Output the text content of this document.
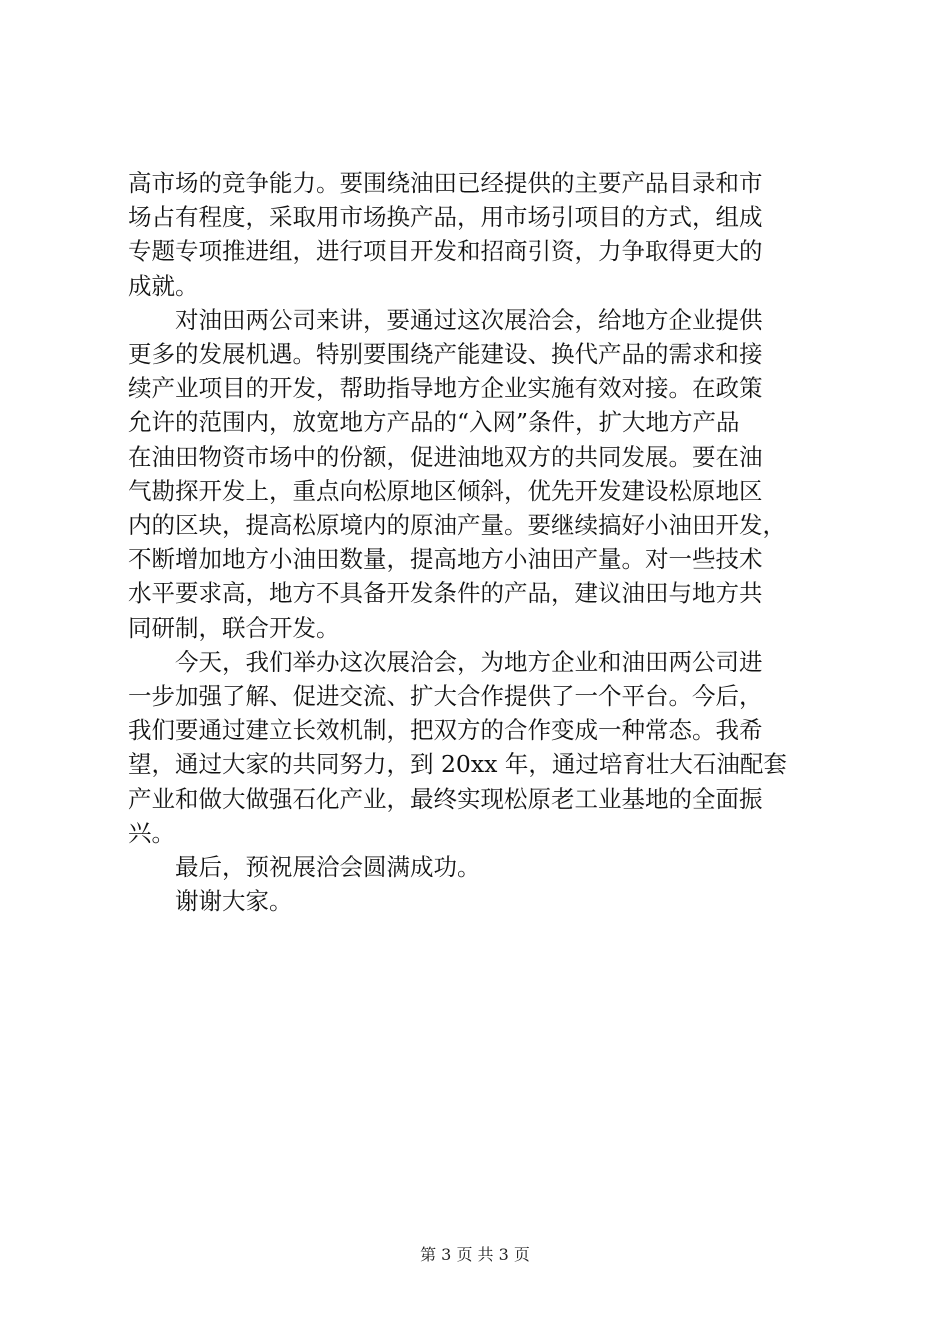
高市场的竞争能力。要围绕油田已经提供的主要产品目录和市
场占有程度，采取用市场换产品，用市场引项目的方式，组成
专题专项推进组，进行项目开发和招商引资，力争取得更大的
成就。
　　对油田两公司来讲，要通过这次展洽会，给地方企业提供
更多的发展机遇。特别要围绕产能建设、换代产品的需求和接
续产业项目的开发，帮助指导地方企业实施有效对接。在政策
允许的范围内，放宽地方产品的“入网”条件，扩大地方产品
在油田物资市场中的份额，促进油地双方的共同发展。要在油
气勘探开发上，重点向松原地区倾斜，优先开发建设松原地区
内的区块，提高松原境内的原油产量。要继续搞好小油田开发，
不断增加地方小油田数量，提高地方小油田产量。对一些技术
水平要求高，地方不具备开发条件的产品，建议油田与地方共
同研制，联合开发。
　　今天，我们举办这次展洽会，为地方企业和油田两公司进
一步加强了解、促进交流、扩大合作提供了一个平台。今后，
我们要通过建立长效机制，把双方的合作变成一种常态。我希
望，通过大家的共同努力，到 20xx 年，通过培育壮大石油配套
产业和做大做强石化产业，最终实现松原老工业基地的全面振
兴。
　　最后，预祝展洽会圆满成功。
　　谢谢大家。
第 3 页 共 3 页
